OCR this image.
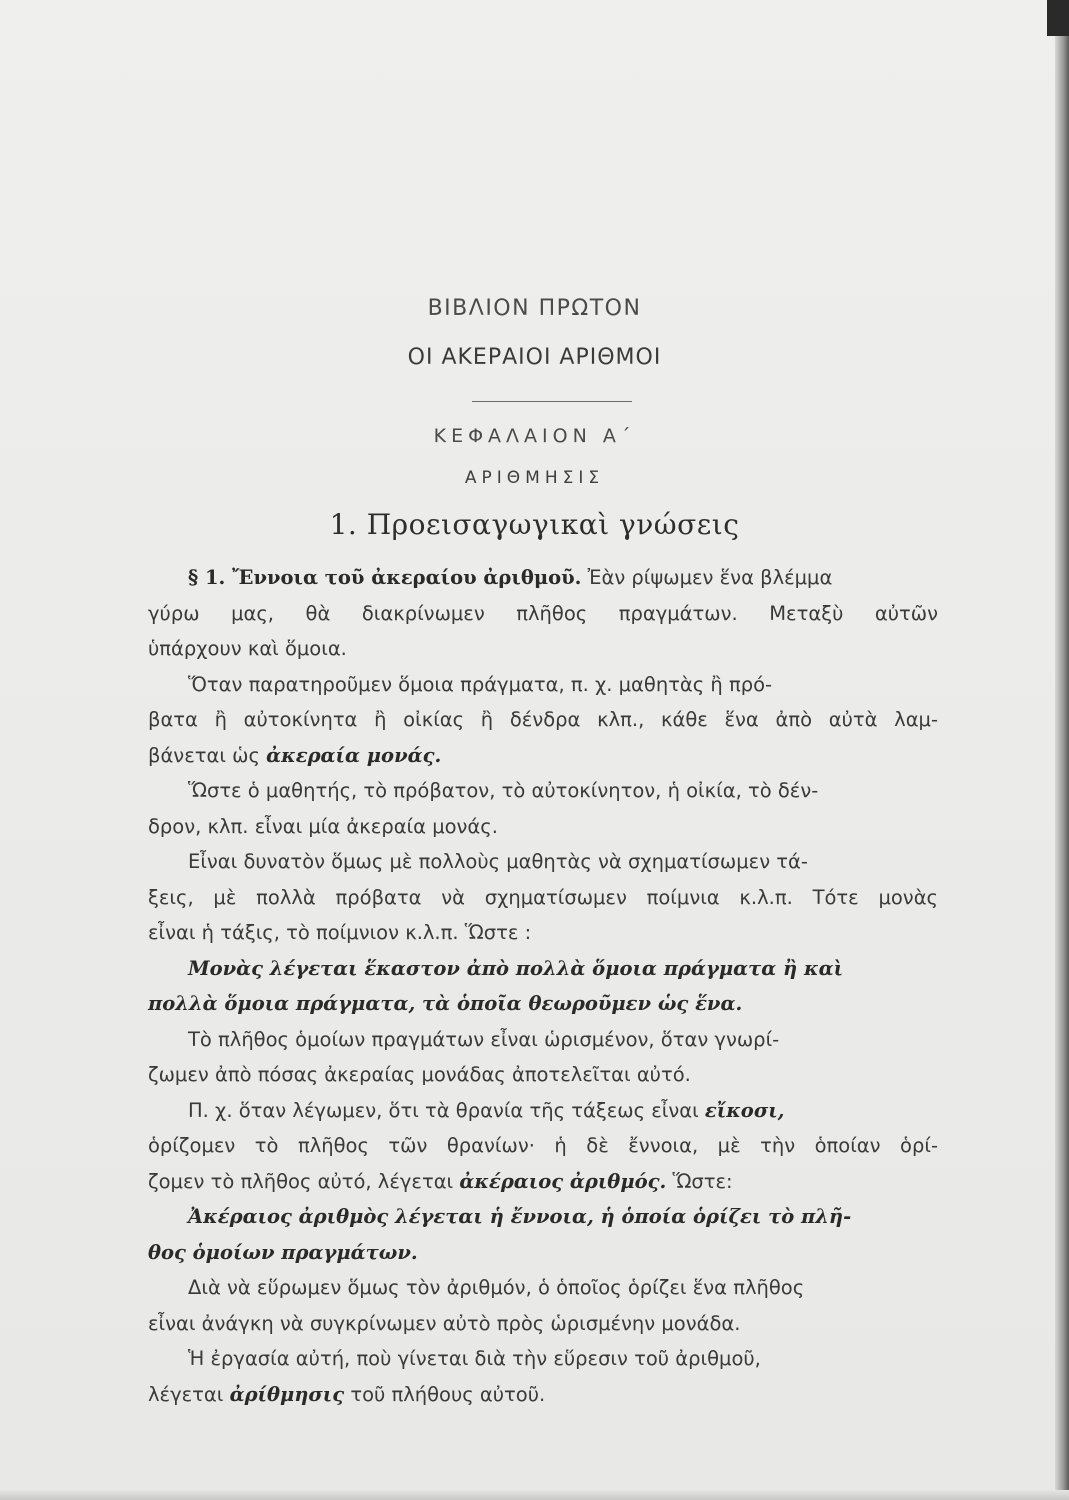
ΒΙΒΛΙΟΝ ΠΡΩΤΟΝ
ΟΙ ΑΚΕΡΑΙΟΙ ΑΡΙΘΜΟΙ
ΚΕΦΑΛΑΙΟΝ Α΄
ΑΡΙΘΜΗΣΙΣ
1. Προεισαγωγικαὶ γνώσεις
§ 1. Ἔννοια τοῦ ἀκεραίου ἀριθμοῦ. Ἐὰν ρίψωμεν ἕνα βλέμμα
γύρω μας, θὰ διακρίνωμεν πλῆθος πραγμάτων. Μεταξὺ αὐτῶν
ὑπάρχουν καὶ ὅμοια.
Ὅταν παρατηροῦμεν ὅμοια πράγματα, π. χ. μαθητὰς ἢ πρό-
βατα ἢ αὐτοκίνητα ἢ οἰκίας ἢ δένδρα κλπ., κάθε ἕνα ἀπὸ αὐτὰ λαμ-
βάνεται ὡς ἀκεραία μονάς.
Ὥστε ὁ μαθητής, τὸ πρόβατον, τὸ αὐτοκίνητον, ἡ οἰκία, τὸ δέν-
δρον, κλπ. εἶναι μία ἀκεραία μονάς.
Εἶναι δυνατὸν ὅμως μὲ πολλοὺς μαθητὰς νὰ σχηματίσωμεν τά-
ξεις, μὲ πολλὰ πρόβατα νὰ σχηματίσωμεν ποίμνια κ.λ.π. Τότε μονὰς
εἶναι ἡ τάξις, τὸ ποίμνιον κ.λ.π. Ὥστε :
Μονὰς λέγεται ἕκαστον ἀπὸ πολλὰ ὅμοια πράγματα ἢ καὶ
πολλὰ ὅμοια πράγματα, τὰ ὁποῖα θεωροῦμεν ὡς ἕνα.
Τὸ πλῆθος ὁμοίων πραγμάτων εἶναι ὡρισμένον, ὅταν γνωρί-
ζωμεν ἀπὸ πόσας ἀκεραίας μονάδας ἀποτελεῖται αὐτό.
Π. χ. ὅταν λέγωμεν, ὅτι τὰ θρανία τῆς τάξεως εἶναι εἴκοσι,
ὁρίζομεν τὸ πλῆθος τῶν θρανίων· ἡ δὲ ἔννοια, μὲ τὴν ὁποίαν ὁρί-
ζομεν τὸ πλῆθος αὐτό, λέγεται ἀκέραιος ἀριθμός. Ὥστε:
Ἀκέραιος ἀριθμὸς λέγεται ἡ ἔννοια, ἡ ὁποία ὁρίζει τὸ πλῆ-
θος ὁμοίων πραγμάτων.
Διὰ νὰ εὕρωμεν ὅμως τὸν ἀριθμόν, ὁ ὁποῖος ὁρίζει ἕνα πλῆθος
εἶναι ἀνάγκη νὰ συγκρίνωμεν αὐτὸ πρὸς ὡρισμένην μονάδα.
Ἡ ἐργασία αὐτή, ποὺ γίνεται διὰ τὴν εὕρεσιν τοῦ ἀριθμοῦ,
λέγεται ἀρίθμησις τοῦ πλήθους αὐτοῦ.
